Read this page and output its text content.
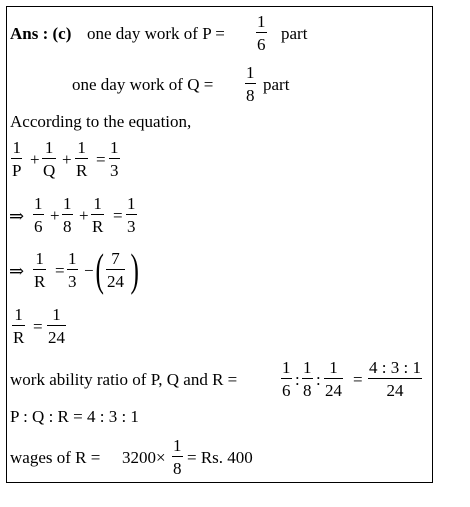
Ans : (c) one day work of P =
1
6
part
one day work of Q =
1
8
part
According to the equation,
1
P
+
1
Q
+
1
R
=
1
3
⇒
1
6
+
1
8
+
1
R
=
1
3
⇒
1
R
=
1
3
− ( 7
24 )
1
R
=
1
24
work ability ratio of P, Q and R =
1
6
:
1
8
:
1
24
=
4 : 3 : 1
24
P : Q : R = 4 : 3 : 1
wages of R = 3200×
1
8
= Rs. 400
